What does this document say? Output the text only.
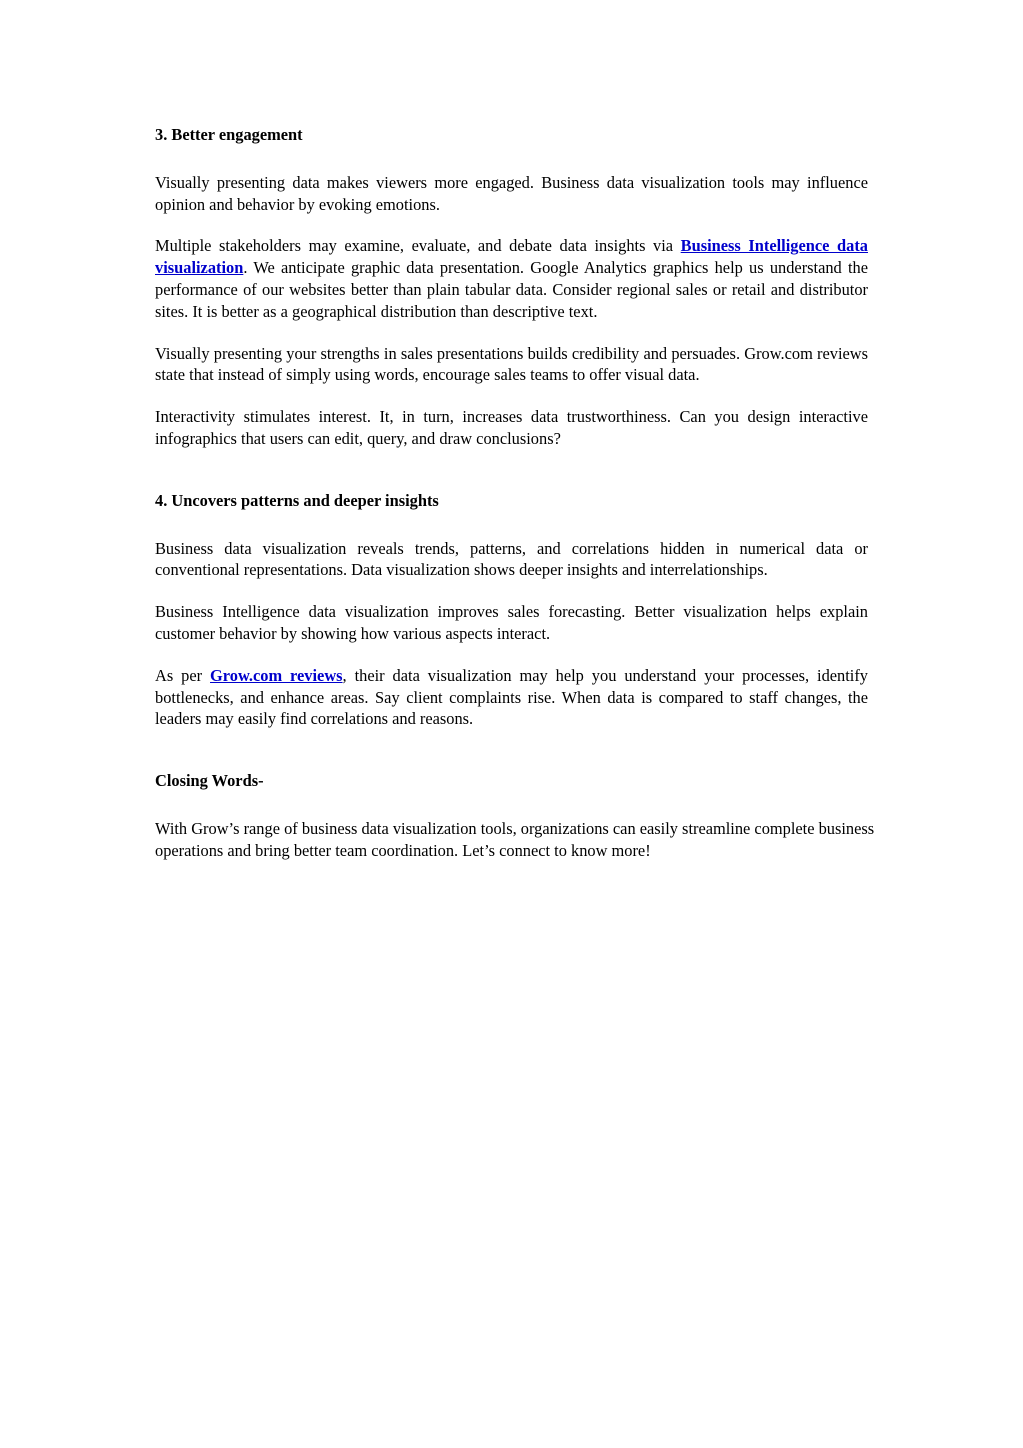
3. Better engagement

Visually presenting data makes viewers more engaged. Business data visualization tools may influence opinion and behavior by evoking emotions.

Multiple stakeholders may examine, evaluate, and debate data insights via Business Intelligence data visualization. We anticipate graphic data presentation. Google Analytics graphics help us understand the performance of our websites better than plain tabular data. Consider regional sales or retail and distributor sites. It is better as a geographical distribution than descriptive text.

Visually presenting your strengths in sales presentations builds credibility and persuades. Grow.com reviews state that instead of simply using words, encourage sales teams to offer visual data.

Interactivity stimulates interest. It, in turn, increases data trustworthiness. Can you design interactive infographics that users can edit, query, and draw conclusions?

4. Uncovers patterns and deeper insights

Business data visualization reveals trends, patterns, and correlations hidden in numerical data or conventional representations. Data visualization shows deeper insights and interrelationships.

Business Intelligence data visualization improves sales forecasting. Better visualization helps explain customer behavior by showing how various aspects interact.

As per Grow.com reviews, their data visualization may help you understand your processes, identify bottlenecks, and enhance areas. Say client complaints rise. When data is compared to staff changes, the leaders may easily find correlations and reasons.

Closing Words-

With Grow’s range of business data visualization tools, organizations can easily streamline complete business operations and bring better team coordination. Let’s connect to know more!
